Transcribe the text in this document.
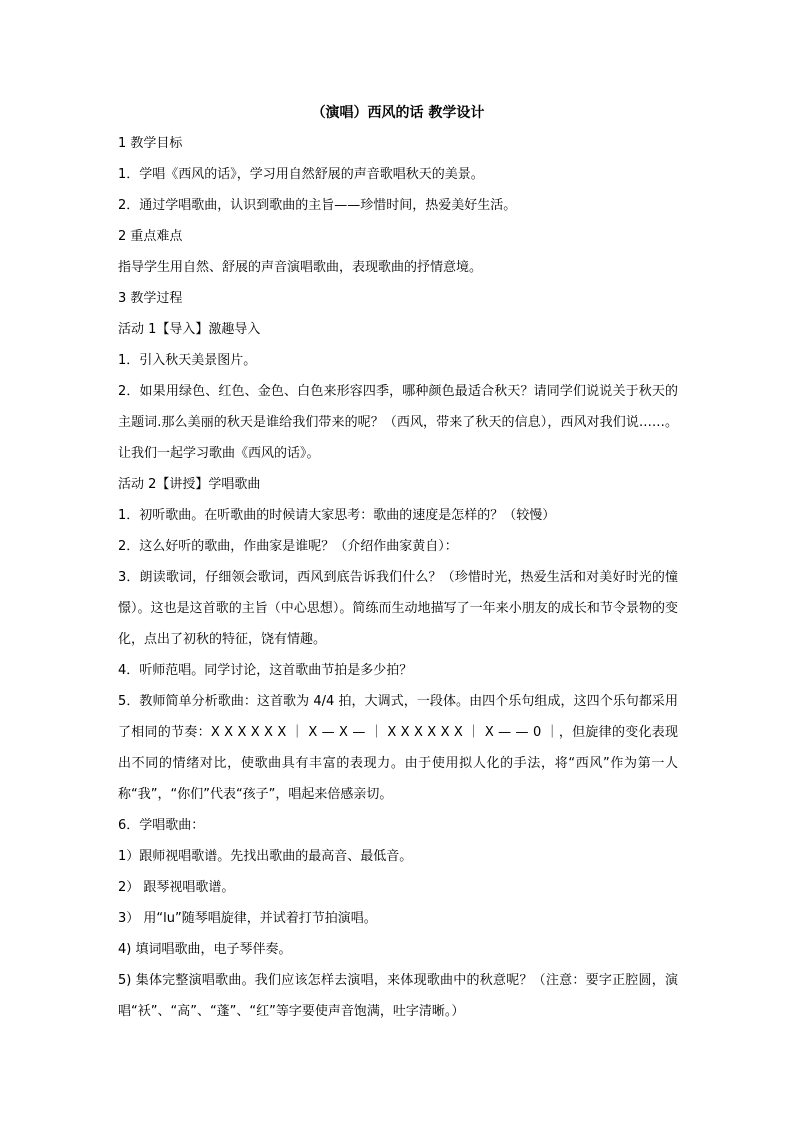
（演唱）西风的话 教学设计

1 教学目标

1．学唱《西风的话》，学习用自然舒展的声音歌唱秋天的美景。

2．通过学唱歌曲，认识到歌曲的主旨——珍惜时间，热爱美好生活。

2 重点难点

指导学生用自然、舒展的声音演唱歌曲，表现歌曲的抒情意境。

3 教学过程

活动 1【导入】激趣导入

1．引入秋天美景图片。

2．如果用绿色、红色、金色、白色来形容四季，哪种颜色最适合秋天？请同学们说说关于秋天的主题词.那么美丽的秋天是谁给我们带来的呢？（西风，带来了秋天的信息），西风对我们说……。让我们一起学习歌曲《西风的话》。

活动 2【讲授】学唱歌曲

1．初听歌曲。在听歌曲的时候请大家思考：歌曲的速度是怎样的？（较慢）

2．这么好听的歌曲，作曲家是谁呢？（介绍作曲家黄自）：

3．朗读歌词，仔细领会歌词，西风到底告诉我们什么？（珍惜时光，热爱生活和对美好时光的憧憬）。这也是这首歌的主旨（中心思想）。简练而生动地描写了一年来小朋友的成长和节令景物的变化，点出了初秋的特征，饶有情趣。

4．听师范唱。同学讨论，这首歌曲节拍是多少拍？

5．教师简单分析歌曲：这首歌为 4/4 拍，大调式，一段体。由四个乐句组成，这四个乐句都采用了相同的节奏：X X X X X X ｜ X — X — ｜ X X X X X X ｜ X — — 0 ｜，但旋律的变化表现出不同的情绪对比，使歌曲具有丰富的表现力。由于使用拟人化的手法，将“西风”作为第一人称“我”，“你们”代表“孩子”，唱起来倍感亲切。

6．学唱歌曲：

1）跟师视唱歌谱。先找出歌曲的最高音、最低音。

2） 跟琴视唱歌谱。

3） 用“lu”随琴唱旋律，并试着打节拍演唱。

4) 填词唱歌曲，电子琴伴奏。

5) 集体完整演唱歌曲。我们应该怎样去演唱，来体现歌曲中的秋意呢？（注意：要字正腔圆，演唱“袄”、“高”、“蓬”、“红”等字要使声音饱满，吐字清晰。）
